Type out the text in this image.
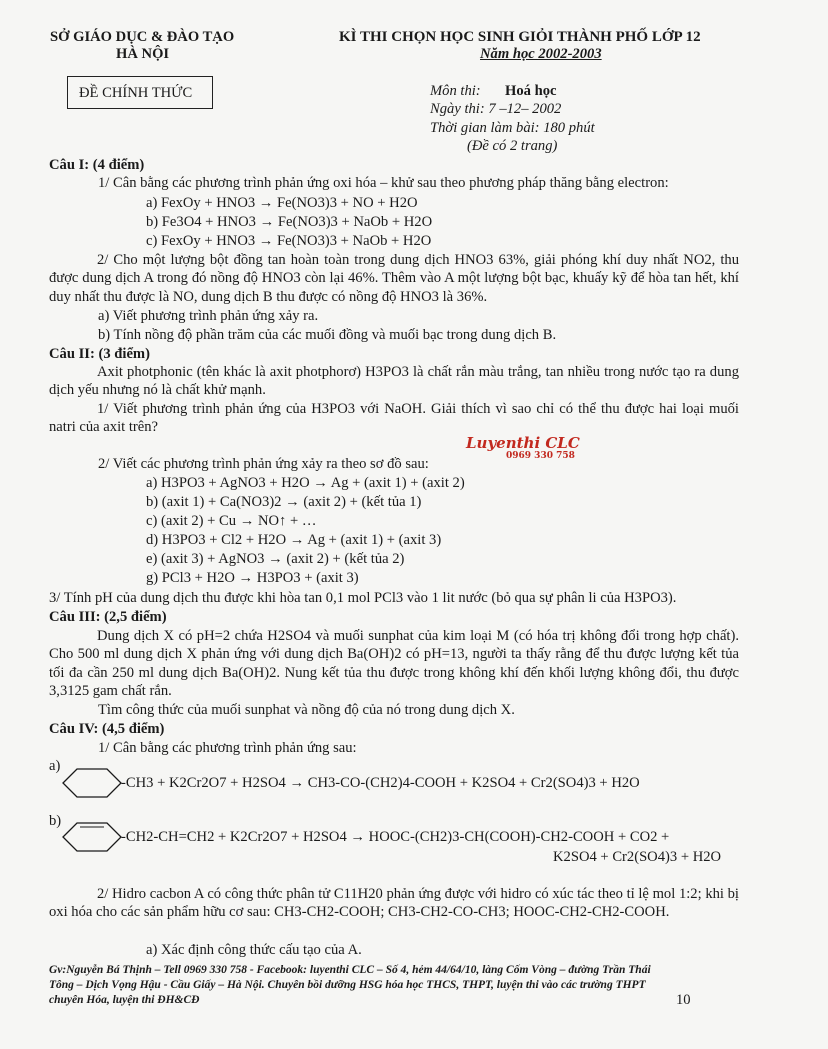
SỞ GIÁO DỤC & ĐÀO TẠO
HÀ NỘI
KÌ THI CHỌN HỌC SINH GIỎI THÀNH PHỐ LỚP 12
Năm học 2002-2003
ĐỀ CHÍNH THỨC	Môn thi: Hoá học
Ngày thi: 7 –12– 2002
Thời gian làm bài: 180 phút
(Đề có 2 trang)
Câu I: (4 điểm)
1/ Cân bằng các phương trình phản ứng oxi hóa – khử sau theo phương pháp thăng bằng electron:
a) FexOy + HNO3 → Fe(NO3)3 + NO + H2O
b) Fe3O4 + HNO3 → Fe(NO3)3 + NaOb + H2O
c) FexOy + HNO3 → Fe(NO3)3 + NaOb + H2O
2/ Cho một lượng bột đồng tan hoàn toàn trong dung dịch HNO3 63%, giải phóng khí duy nhất NO2, thu được dung dịch A trong đó nồng độ HNO3 còn lại 46%. Thêm vào A một lượng bột bạc, khuấy kỹ để hòa tan hết, khí duy nhất thu được là NO, dung dịch B thu được có nồng độ HNO3 là 36%.
a) Viết phương trình phản ứng xảy ra.
b) Tính nồng độ phần trăm của các muối đồng và muối bạc trong dung dịch B.
Câu II: (3 điểm)
Axit photphonic (tên khác là axit photphorơ) H3PO3 là chất rắn màu trắng, tan nhiều trong nước tạo ra dung dịch yếu nhưng nó là chất khử mạnh.
1/ Viết phương trình phản ứng của H3PO3 với NaOH. Giải thích vì sao chỉ có thể thu được hai loại muối natri của axit trên?
Luyenthi CLC
0969 330 758
2/ Viết các phương trình phản ứng xảy ra theo sơ đồ sau:
a) H3PO3 + AgNO3 + H2O → Ag + (axit 1) + (axit 2)
b) (axit 1) + Ca(NO3)2 → (axit 2) + (kết tủa 1)
c) (axit 2) + Cu → NO↑ + …
d) H3PO3 + Cl2 + H2O → Ag + (axit 1) + (axit 3)
e) (axit 3) + AgNO3 → (axit 2) + (kết tủa 2)
g) PCl3 + H2O → H3PO3 + (axit 3)
3/ Tính pH của dung dịch thu được khi hòa tan 0,1 mol PCl3 vào 1 lit nước (bỏ qua sự phân li của H3PO3).
Câu III: (2,5 điểm)
Dung dịch X có pH=2 chứa H2SO4 và muối sunphat của kim loại M (có hóa trị không đổi trong hợp chất). Cho 500 ml dung dịch X phản ứng với dung dịch Ba(OH)2 có pH=13, người ta thấy rằng để thu được lượng kết tủa tối đa cần 250 ml dung dịch Ba(OH)2. Nung kết tủa thu được trong không khí đến khối lượng không đổi, thu được 3,3125 gam chất rắn.
Tìm công thức của muối sunphat và nồng độ của nó trong dung dịch X.
Câu IV: (4,5 điểm)
1/ Cân bằng các phương trình phản ứng sau:
a)
-CH3 + K2Cr2O7 + H2SO4 → CH3-CO-(CH2)4-COOH + K2SO4 + Cr2(SO4)3 + H2O
b)
-CH2-CH=CH2 + K2Cr2O7 + H2SO4 → HOOC-(CH2)3-CH(COOH)-CH2-COOH + CO2 +
K2SO4 + Cr2(SO4)3 + H2O
2/ Hidro cacbon A có công thức phân tử C11H20 phản ứng được với hidro có xúc tác theo tỉ lệ mol 1:2; khi bị oxi hóa cho các sản phẩm hữu cơ sau: CH3-CH2-COOH; CH3-CH2-CO-CH3; HOOC-CH2-CH2-COOH.
a) Xác định công thức cấu tạo của A.
Gv:Nguyễn Bá Thịnh – Tell 0969 330 758 - Facebook: luyenthi CLC – Số 4, hẻm 44/64/10, làng Cốm Vòng – đường Trần Thái
Tông – Dịch Vọng Hậu - Cầu Giấy – Hà Nội. Chuyên bồi dưỡng HSG hóa học THCS, THPT, luyện thi vào các trường THPT
chuyên Hóa, luyện thi ĐH&CĐ	10
